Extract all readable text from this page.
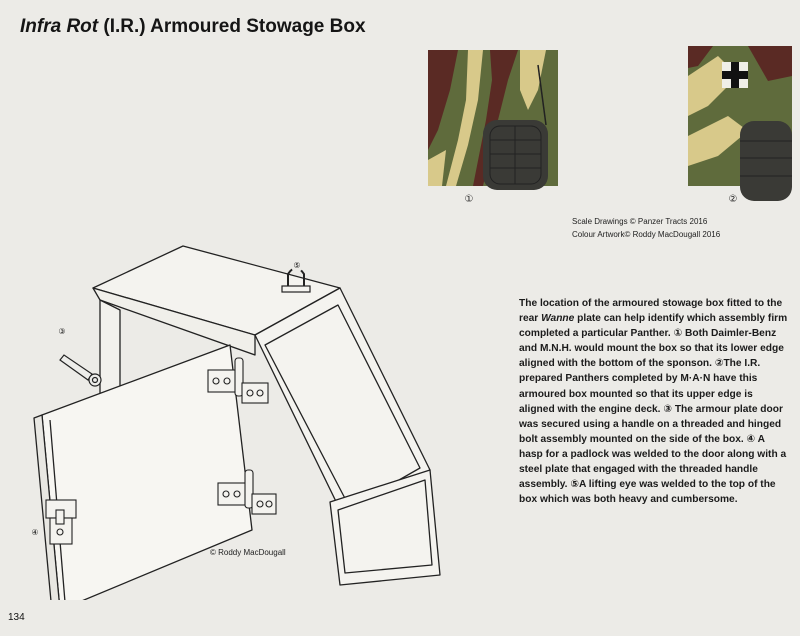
Infra Rot (I.R.) Armoured Stowage Box
①	②
Scale Drawings © Panzer Tracts 2016
Colour Artwork© Roddy MacDougall 2016
③
④
⑤
© Roddy MacDougall

The location of the armoured stowage box fitted to the rear Wanne plate can help identify which assembly firm completed a particular Panther. ① Both Daimler-Benz and M.N.H. would mount the box so that its lower edge aligned with the bottom of the sponson. ②The I.R. prepared Panthers completed by M·A·N have this armoured box mounted so that its upper edge is aligned with the engine deck. ③ The armour plate door was secured using a handle on a threaded and hinged bolt assembly mounted on the side of the box. ④ A hasp for a padlock was welded to the door along with a steel plate that engaged with the threaded handle assembly. ⑤A lifting eye was welded to the top of the box which was both heavy and cumbersome.

134
